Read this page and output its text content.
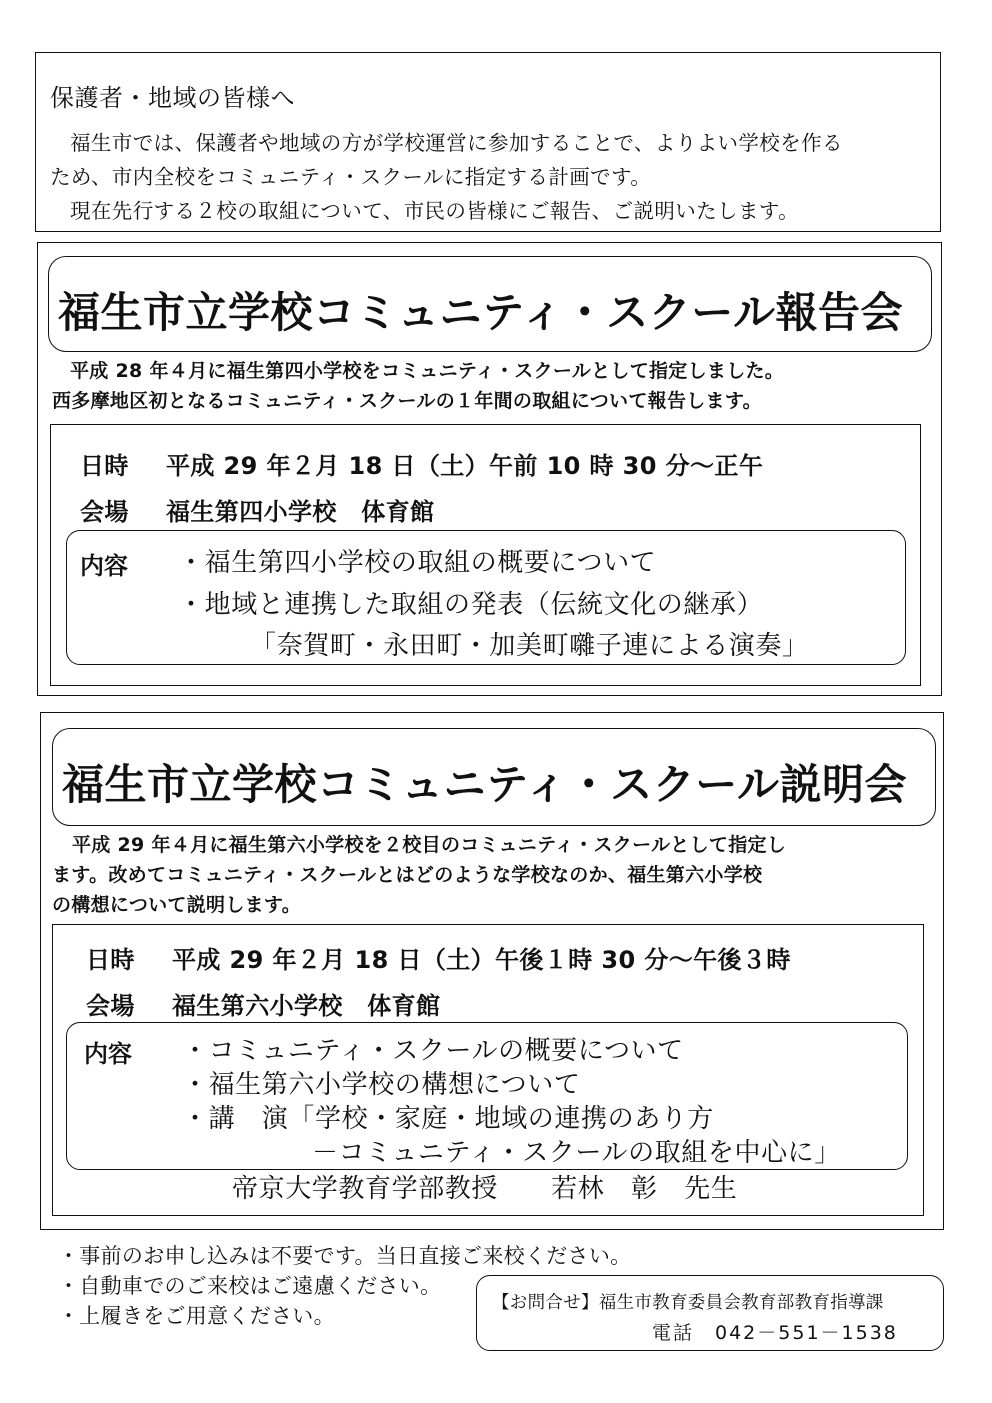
保護者・地域の皆様へ
福生市では、保護者や地域の方が学校運営に参加することで、よりよい学校を作る
ため、市内全校をコミュニティ・スクールに指定する計画です。
現在先行する２校の取組について、市民の皆様にご報告、ご説明いたします。
福生市立学校コミュニティ・スクール報告会
平成 28 年４月に福生第四小学校をコミュニティ・スクールとして指定しました。
西多摩地区初となるコミュニティ・スクールの１年間の取組について報告します。
日時 平成 29 年２月 18 日（土）午前 10 時 30 分～正午
会場 福生第四小学校　体育館
内容 ・福生第四小学校の取組の概要について
・地域と連携した取組の発表（伝統文化の継承）
「奈賀町・永田町・加美町囃子連による演奏」
福生市立学校コミュニティ・スクール説明会
平成 29 年４月に福生第六小学校を２校目のコミュニティ・スクールとして指定し
ます。改めてコミュニティ・スクールとはどのような学校なのか、福生第六小学校
の構想について説明します。
日時 平成 29 年２月 18 日（土）午後１時 30 分～午後３時
会場 福生第六小学校　体育館
内容 ・コミュニティ・スクールの概要について
・福生第六小学校の構想について
・講　演「学校・家庭・地域の連携のあり方
－コミュニティ・スクールの取組を中心に」
帝京大学教育学部教授　　若林　彰　先生
・事前のお申し込みは不要です。当日直接ご来校ください。
・自動車でのご来校はご遠慮ください。
・上履きをご用意ください。
【お問合せ】福生市教育委員会教育部教育指導課
電話　042－551－1538
